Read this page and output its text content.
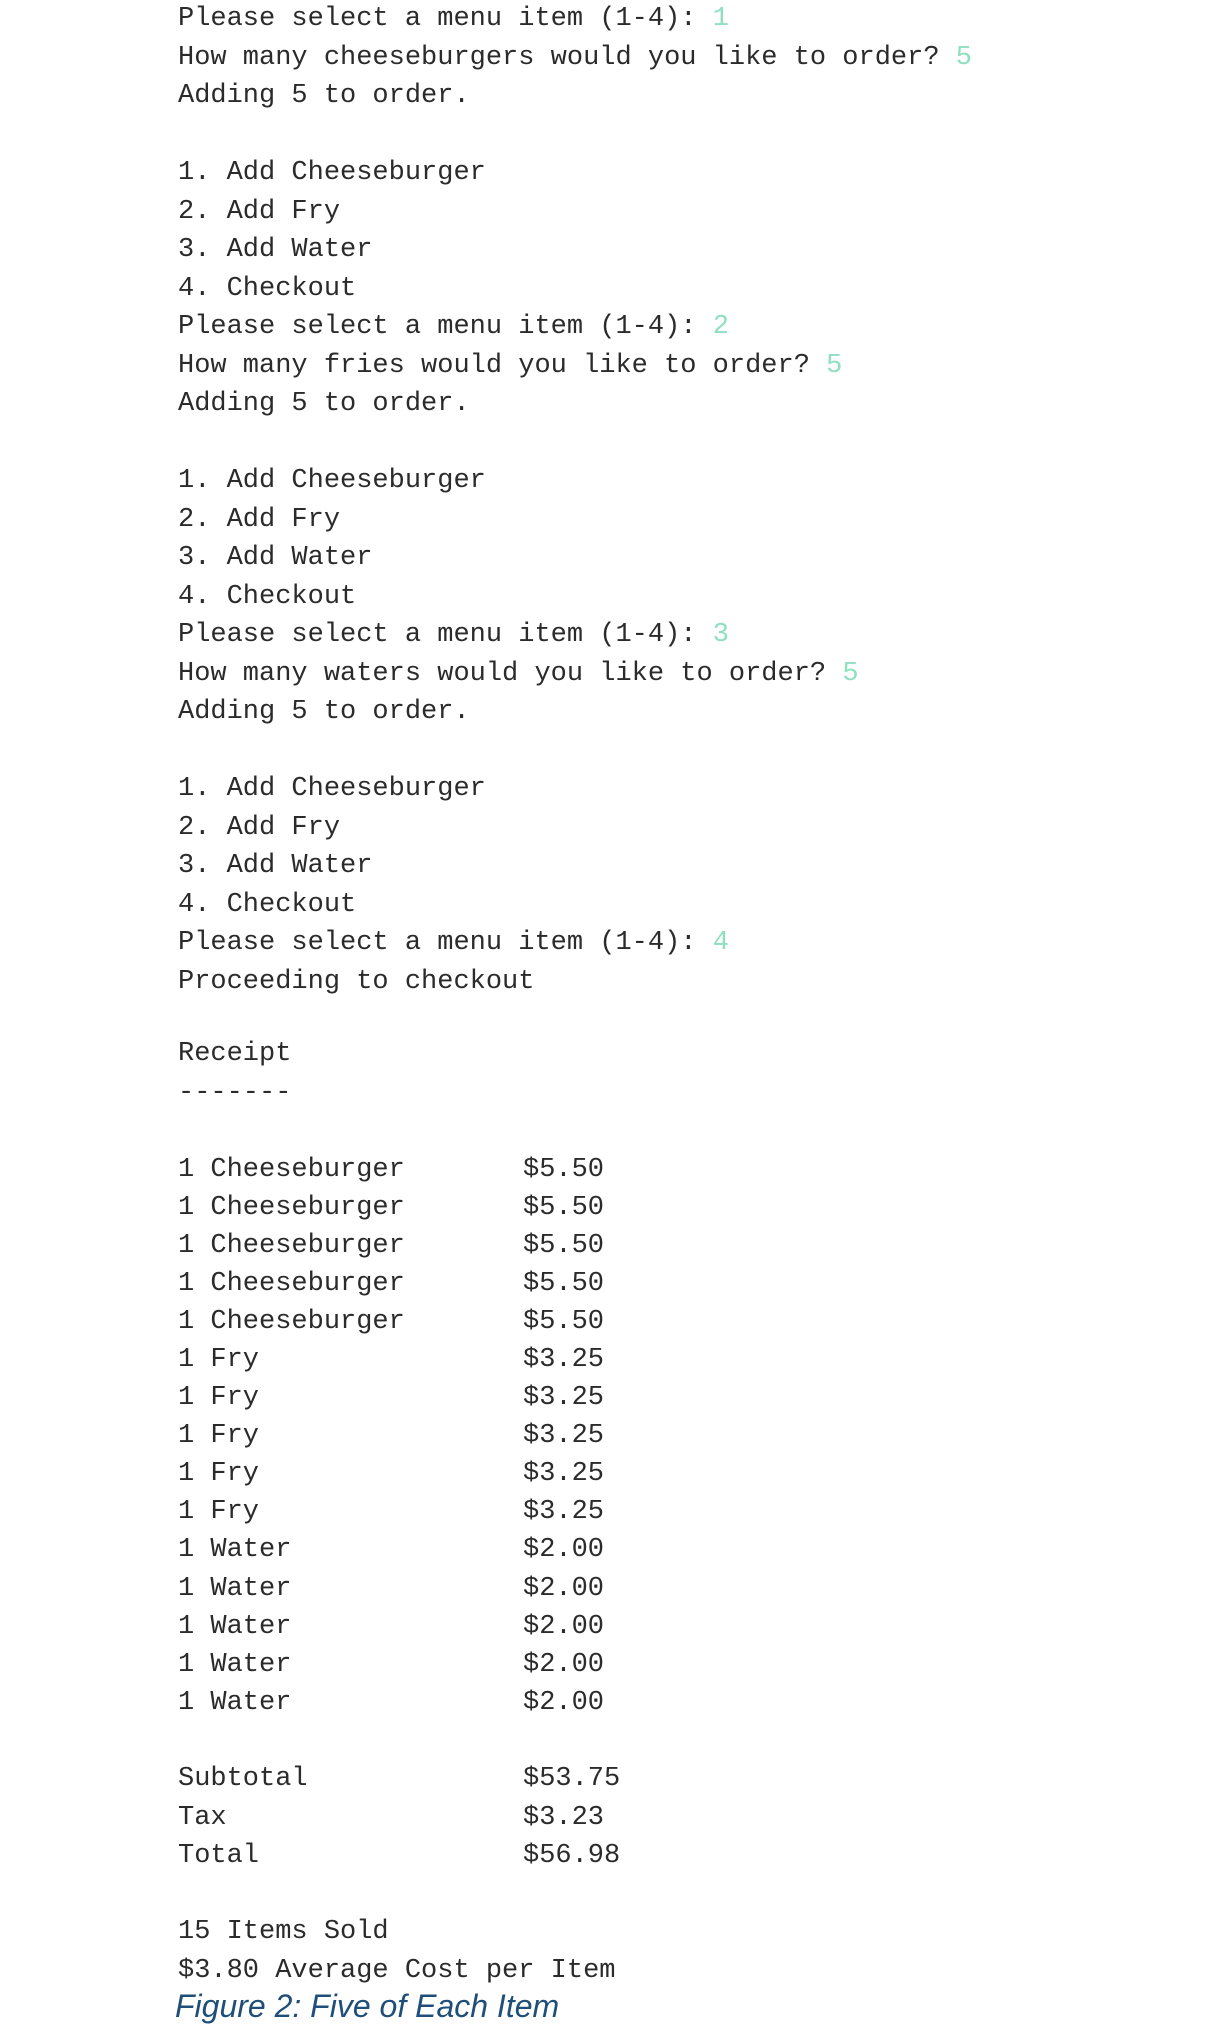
Please select a menu item (1-4): 1
How many cheeseburgers would you like to order? 5
Adding 5 to order.
1. Add Cheeseburger
2. Add Fry
3. Add Water
4. Checkout
Please select a menu item (1-4): 2
How many fries would you like to order? 5
Adding 5 to order.
1. Add Cheeseburger
2. Add Fry
3. Add Water
4. Checkout
Please select a menu item (1-4): 3
How many waters would you like to order? 5
Adding 5 to order.
1. Add Cheeseburger
2. Add Fry
3. Add Water
4. Checkout
Please select a menu item (1-4): 4
Proceeding to checkout
Receipt
-------
1 Cheeseburger	$5.50
1 Cheeseburger	$5.50
1 Cheeseburger	$5.50
1 Cheeseburger	$5.50
1 Cheeseburger	$5.50
1 Fry	$3.25
1 Fry	$3.25
1 Fry	$3.25
1 Fry	$3.25
1 Fry	$3.25
1 Water	$2.00
1 Water	$2.00
1 Water	$2.00
1 Water	$2.00
1 Water	$2.00
Subtotal	$53.75
Tax	$3.23
Total	$56.98
15 Items Sold
$3.80 Average Cost per Item
Figure 2: Five of Each Item
